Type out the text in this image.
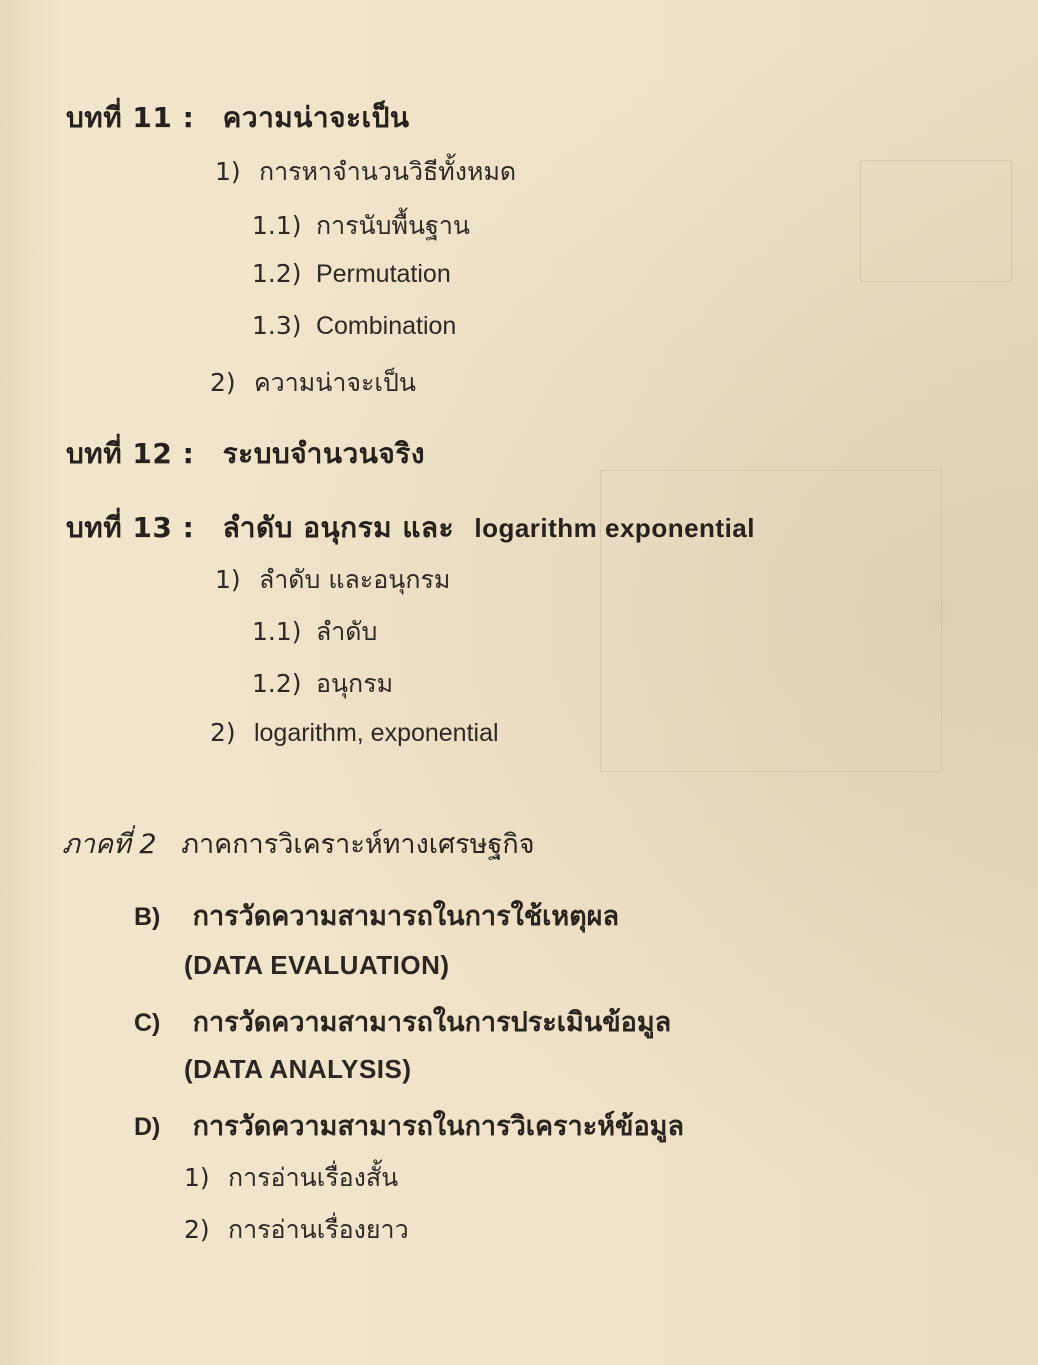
บทที่ 11 : ความน่าจะเป็น
1) การหาจำนวนวิธีทั้งหมด
1.1) การนับพื้นฐาน
1.2) Permutation
1.3) Combination
2) ความน่าจะเป็น
บทที่ 12 : ระบบจำนวนจริง
บทที่ 13 : ลำดับ อนุกรม และ logarithm exponential
1) ลำดับ และอนุกรม
1.1) ลำดับ
1.2) อนุกรม
2) logarithm, exponential
ภาคที่ 2 ภาคการวิเคราะห์ทางเศรษฐกิจ
B) การวัดความสามารถในการใช้เหตุผล
(DATA EVALUATION)
C) การวัดความสามารถในการประเมินข้อมูล
(DATA ANALYSIS)
D) การวัดความสามารถในการวิเคราะห์ข้อมูล
1) การอ่านเรื่องสั้น
2) การอ่านเรื่องยาว
